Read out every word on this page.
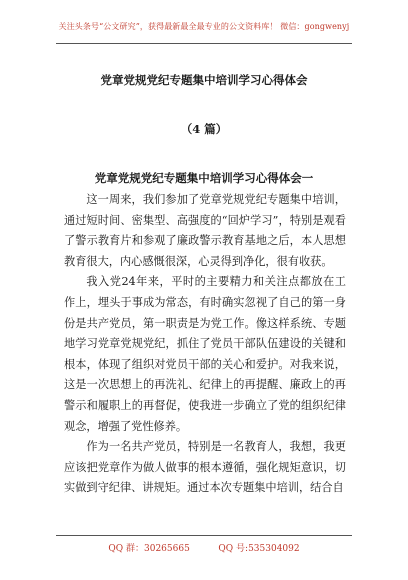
关注头条号“公文研究”，获得最新最全最专业的公文资料库！ 微信：gongwenyj
党章党规党纪专题集中培训学习心得体会
（4 篇）
党章党规党纪专题集中培训学习心得体会一

这一周来，我们参加了党章党规党纪专题集中培训，通过短时间、密集型、高强度的“回炉学习”，特别是观看了警示教育片和参观了廉政警示教育基地之后，本人思想教育很大，内心感慨很深，心灵得到净化，很有收获。

我入党24年来，平时的主要精力和关注点都放在工作上，埋头于事成为常态，有时确实忽视了自己的第一身份是共产党员，第一职责是为党工作。像这样系统、专题地学习党章党规党纪，抓住了党员干部队伍建设的关键和根本，体现了组织对党员干部的关心和爱护。对我来说，这是一次思想上的再洗礼、纪律上的再提醒、廉政上的再警示和履职上的再督促，使我进一步确立了党的组织纪律观念，增强了党性修养。

作为一名共产党员，特别是一名教育人，我想，我更应该把党章作为做人做事的根本遵循，强化规矩意识，切实做到守纪律、讲规矩。通过本次专题集中培训，结合自

QQ 群：30265665	QQ 号:535304092
